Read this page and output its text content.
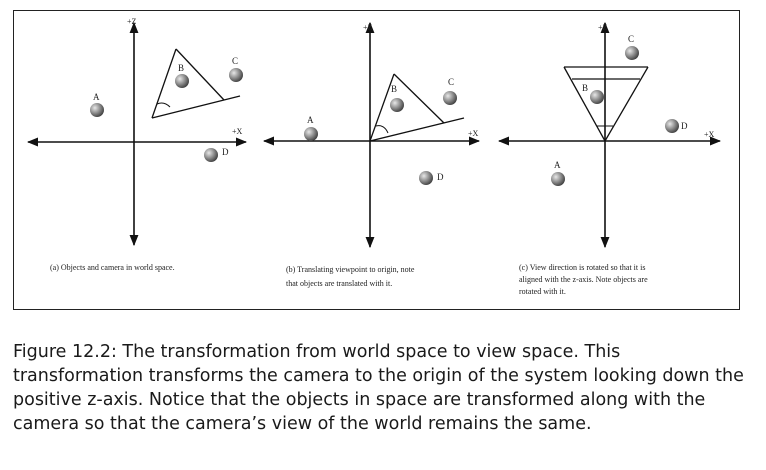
+Z
+X
A
B
C
D
(a) Objects and camera in world space.
+Z
+X
A
B
C
D
(b) Translating viewpoint to origin, note
that objects are translated with it.
+Z
+X
A
B
C
D
(c) View direction is rotated so that it is
aligned with the z-axis. Note objects are
rotated with it.

Figure 12.2: The transformation from world space to view space. This transformation transforms the camera to the origin of the system looking down the positive z-axis. Notice that the objects in space are transformed along with the camera so that the camera’s view of the world remains the same.
